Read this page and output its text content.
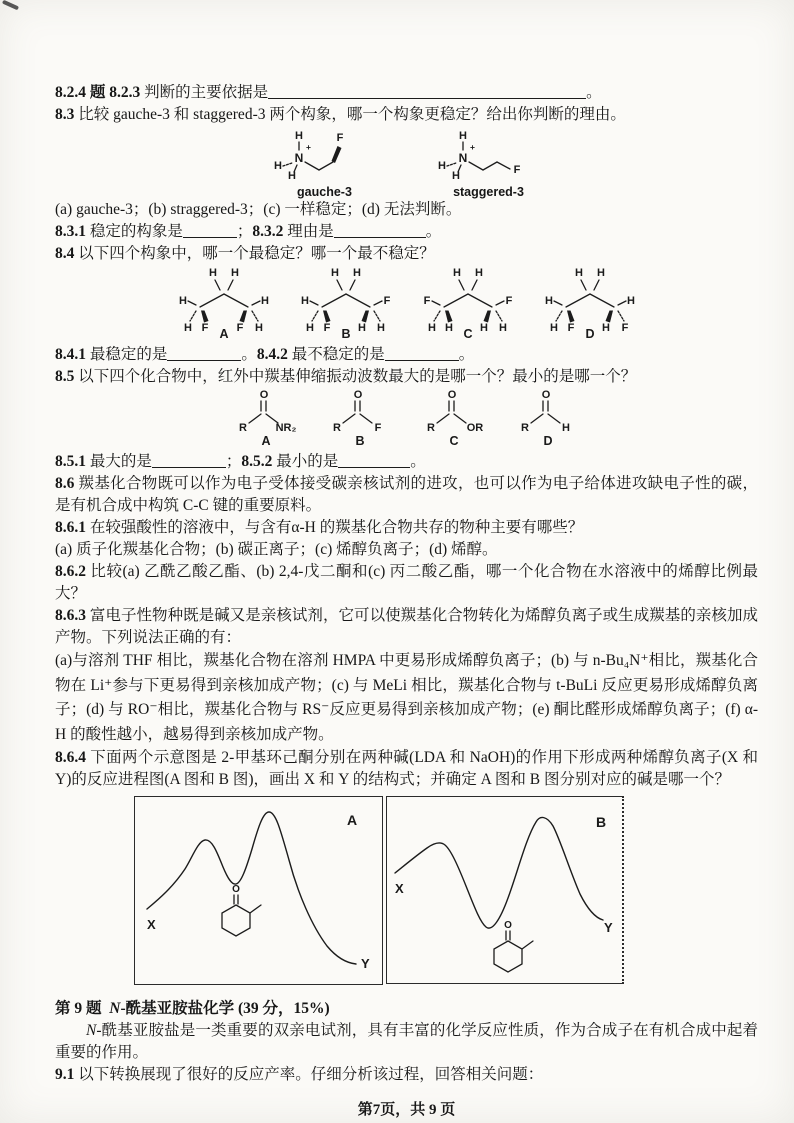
8.2.4 题 8.2.3 判断的主要依据是	。

8.3 比较 gauche-3 和 staggered-3 两个构象，哪一个构象更稳定？给出你判断的理由。

H
+
N
H
H
F
gauche-3
H
+
N
H
H	F
staggered-3

(a) gauche-3；(b) straggered-3；(c) 一样稳定；(d) 无法判断。

8.3.1 稳定的构象是	；8.3.2 理由是	。

8.4 以下四个构象中，哪一个最稳定？哪一个最不稳定？

H H
H	H
H F	F H
A
H H
H	F
H F	H H
B
H H
F	F
H H H H
C
H H
H	H
H F	H F
D

8.4.1 最稳定的是	。8.4.2 最不稳定的是	。

8.5 以下四个化合物中，红外中羰基伸缩振动波数最大的是哪一个？最小的是哪一个？

O
R	NR₂
A
O
R	F
B
O
R	OR
C
O
R	H
D

8.5.1 最大的是	；8.5.2 最小的是	。

8.6 羰基化合物既可以作为电子受体接受碳亲核试剂的进攻，也可以作为电子给体进攻缺电子性的碳，是有机合成中构筑 C-C 键的重要原料。

8.6.1 在较强酸性的溶液中，与含有α-H 的羰基化合物共存的物种主要有哪些？

(a) 质子化羰基化合物；(b) 碳正离子；(c) 烯醇负离子；(d) 烯醇。

8.6.2 比较(a) 乙酰乙酸乙酯、(b) 2,4-戊二酮和(c) 丙二酸乙酯，哪一个化合物在水溶液中的烯醇比例最大？

8.6.3 富电子性物种既是碱又是亲核试剂，它可以使羰基化合物转化为烯醇负离子或生成羰基的亲核加成产物。下列说法正确的有：

(a)与溶剂 THF 相比，羰基化合物在溶剂 HMPA 中更易形成烯醇负离子；(b) 与 n-Bu₄N⁺相比，羰基化合物在 Li⁺参与下更易得到亲核加成产物；(c) 与 MeLi 相比，羰基化合物与 t-BuLi 反应更易形成烯醇负离子；(d) 与 RO⁻相比，羰基化合物与 RS⁻反应更易得到亲核加成产物；(e) 酮比醛形成烯醇负离子；(f) α-H 的酸性越小，越易得到亲核加成产物。

8.6.4 下面两个示意图是 2-甲基环己酮分别在两种碱(LDA 和 NaOH)的作用下形成两种烯醇负离子(X 和 Y)的反应进程图(A 图和 B 图)，画出 X 和 Y 的结构式；并确定 A 图和 B 图分别对应的碱是哪一个？

X
Y
A
O	X
Y
B
O

第 9 题 N-酰基亚胺盐化学 (39 分，15%)

N-酰基亚胺盐是一类重要的双亲电试剂，具有丰富的化学反应性质，作为合成子在有机合成中起着重要的作用。

9.1 以下转换展现了很好的反应产率。仔细分析该过程，回答相关问题：

第7页，共 9 页
